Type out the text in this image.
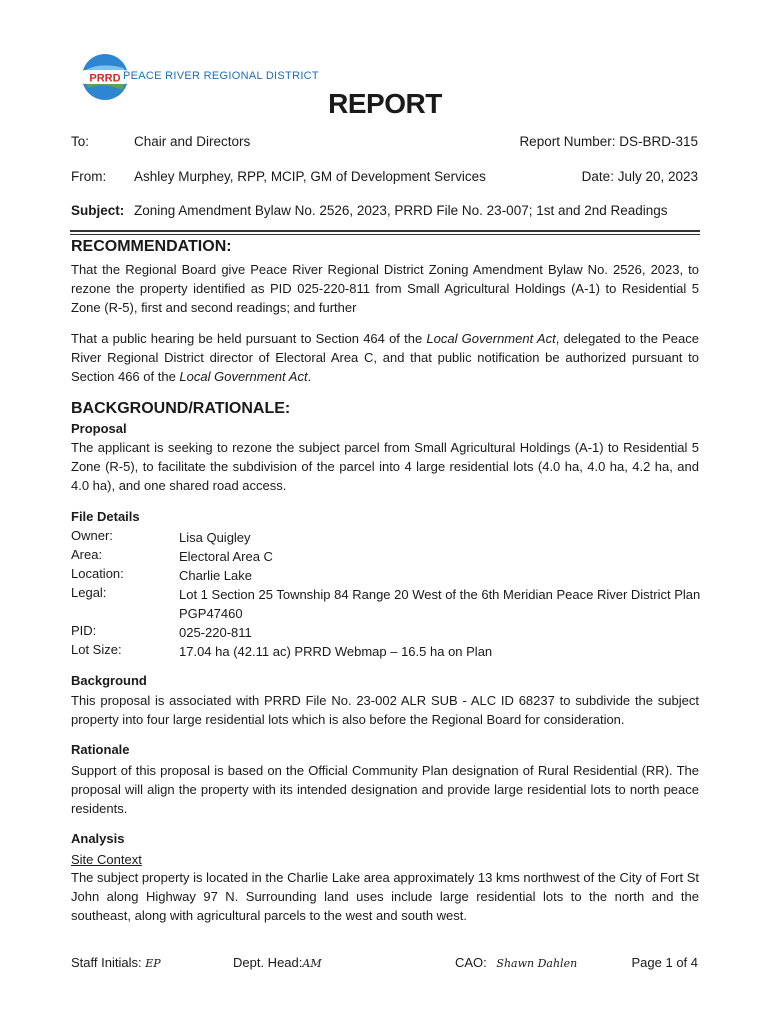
PRRD PEACE RIVER REGIONAL DISTRICT
REPORT
To:	Chair and Directors	Report Number: DS-BRD-315
From: Ashley Murphey, RPP, MCIP, GM of Development Services	Date: July 20, 2023
Subject: Zoning Amendment Bylaw No. 2526, 2023, PRRD File No. 23-007; 1st and 2nd Readings
RECOMMENDATION:
That the Regional Board give Peace River Regional District Zoning Amendment Bylaw No. 2526, 2023, to rezone the property identified as PID 025-220-811 from Small Agricultural Holdings (A-1) to Residential 5 Zone (R-5), first and second readings; and further
That a public hearing be held pursuant to Section 464 of the Local Government Act, delegated to the Peace River Regional District director of Electoral Area C, and that public notification be authorized pursuant to Section 466 of the Local Government Act.
BACKGROUND/RATIONALE:
Proposal
The applicant is seeking to rezone the subject parcel from Small Agricultural Holdings (A-1) to Residential 5 Zone (R-5), to facilitate the subdivision of the parcel into 4 large residential lots (4.0 ha, 4.0 ha, 4.2 ha, and 4.0 ha), and one shared road access.
File Details
Owner:	Lisa Quigley
Area:	Electoral Area C
Location:	Charlie Lake
Legal:	Lot 1 Section 25 Township 84 Range 20 West of the 6th Meridian Peace River District Plan PGP47460
PID:	025-220-811
Lot Size:	17.04 ha (42.11 ac) PRRD Webmap – 16.5 ha on Plan
Background
This proposal is associated with PRRD File No. 23-002 ALR SUB - ALC ID 68237 to subdivide the subject property into four large residential lots which is also before the Regional Board for consideration.
Rationale
Support of this proposal is based on the Official Community Plan designation of Rural Residential (RR). The proposal will align the property with its intended designation and provide large residential lots to north peace residents.
Analysis
Site Context
The subject property is located in the Charlie Lake area approximately 13 kms northwest of the City of Fort St John along Highway 97 N. Surrounding land uses include large residential lots to the north and the southeast, along with agricultural parcels to the west and south west.
Staff Initials: EP	Dept. Head:AM	CAO: Shawn Dahlen	Page 1 of 4
